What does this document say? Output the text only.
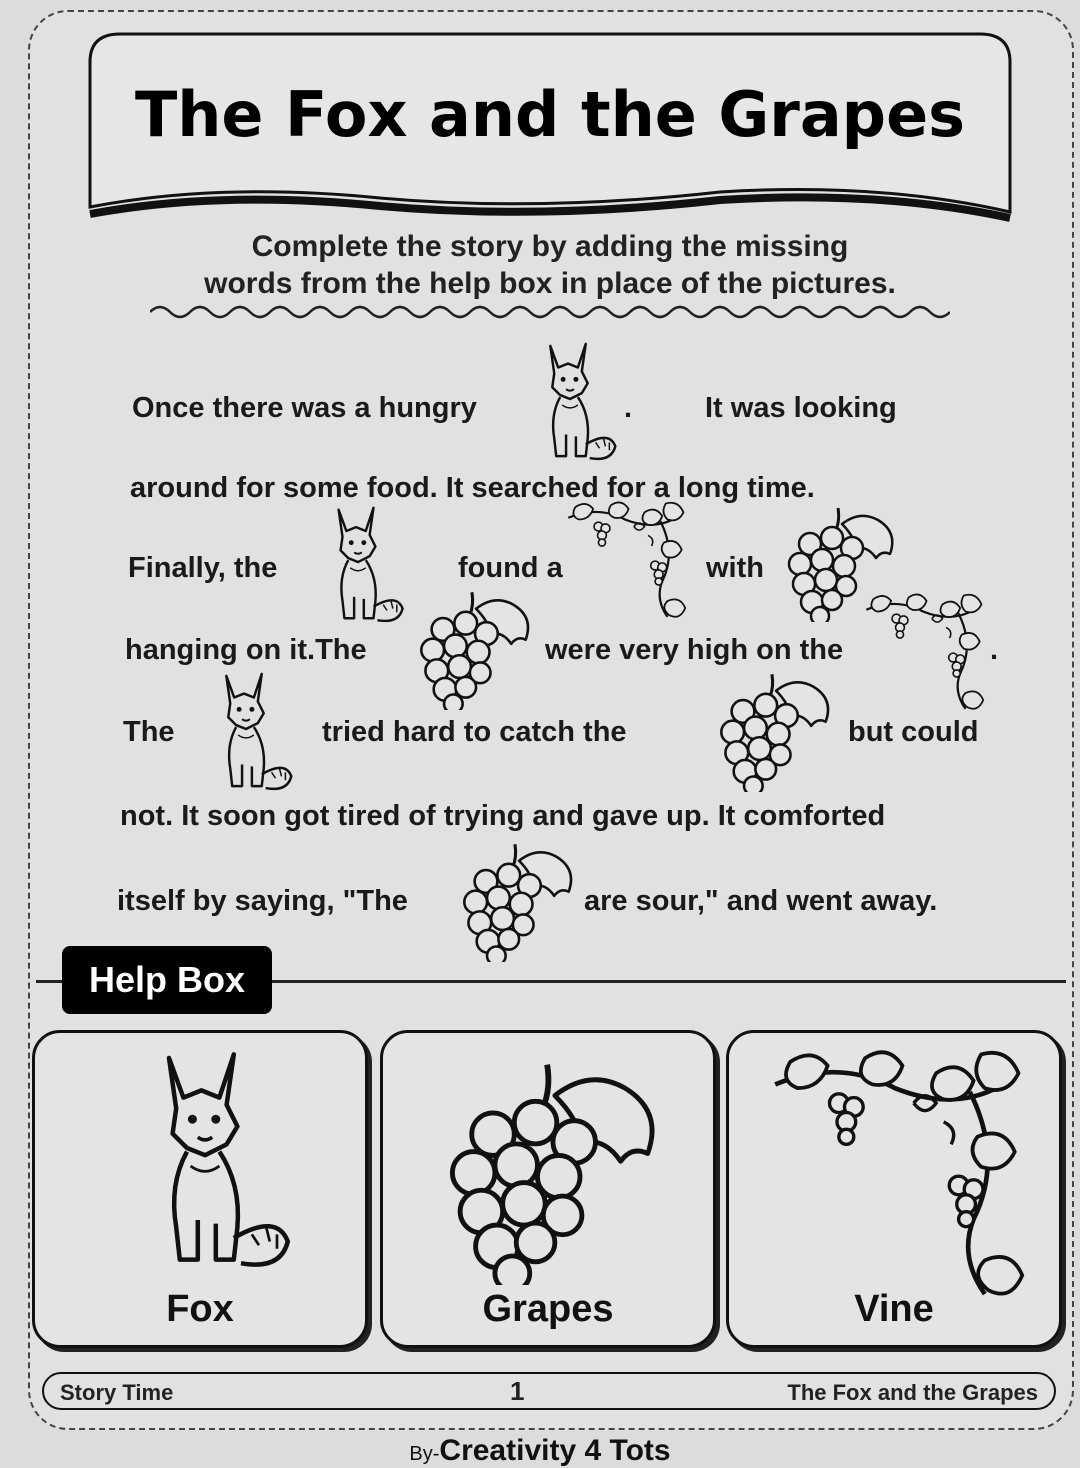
The Fox and the Grapes
Complete the story by adding the missing
words from the help box in place of the pictures.
Once there was a hungry	.	It was looking
around for some food. It searched for a long time.
Finally, the	found a	with
hanging on it.The	were very high on the	.
The	tried hard to catch the	but could
not. It soon got tired of trying and gave up. It comforted
itself by saying, "The	are sour," and went away.
Help Box
Fox	Grapes	Vine
Story Time	1	The Fox and the Grapes
By-Creativity 4 Tots
